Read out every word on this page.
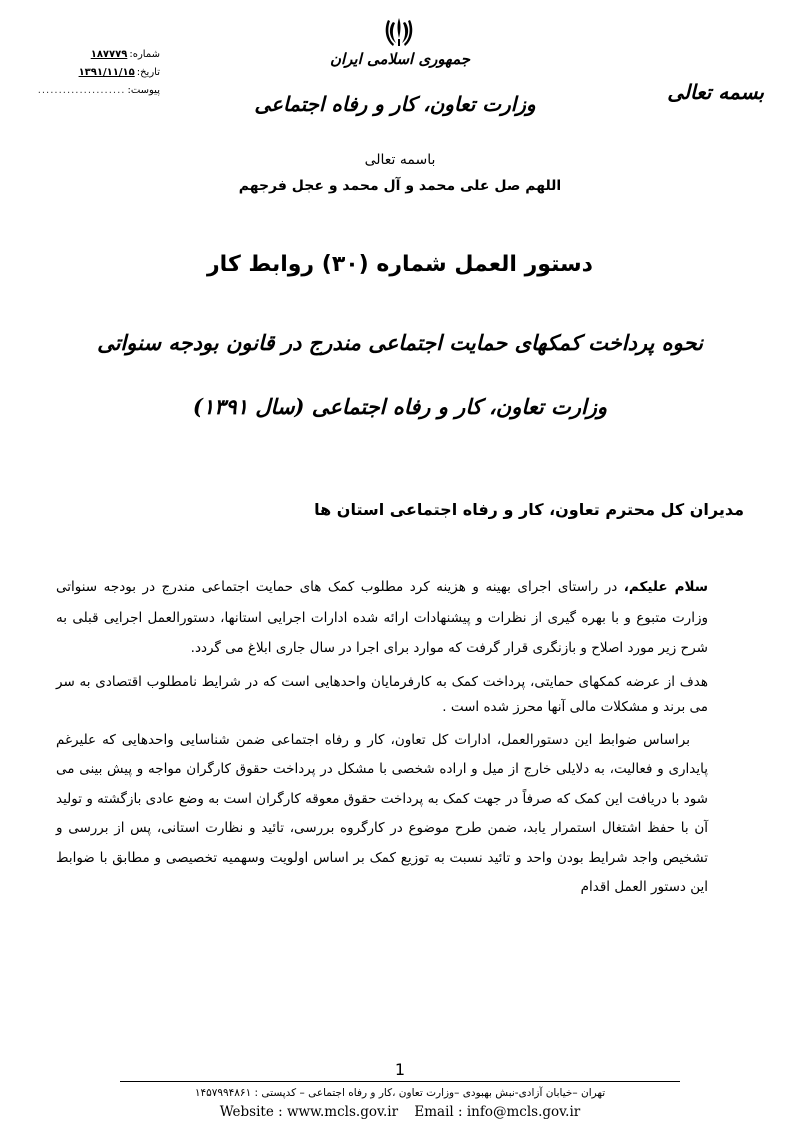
شماره:
۱۸۷۷۷۹
تاریخ:
۱۳۹۱/۱۱/۱۵
پیوست:
.....................
جمهوری اسلامی ایران
وزارت تعاون، کار و رفاه اجتماعی	بسمه تعالی
باسمه تعالی
اللهم صل علی محمد و آل محمد و عجل فرجهم
دستور العمل شماره (۳۰) روابط کار
نحوه پرداخت کمکهای حمایت اجتماعی مندرج در قانون بودجه سنواتی
وزارت تعاون، کار و رفاه اجتماعی (سال ۱۳۹۱)
مدیران کل محترم تعاون، کار و رفاه اجتماعی استان ها

سلام علیکم، در راستای اجرای بهینه و هزینه کرد مطلوب کمک های حمایت اجتماعی مندرج در بودجه سنواتی وزارت متبوع و با بهره گیری از نظرات و پیشنهادات ارائه شده ادارات اجرایی استانها، دستورالعمل اجرایی قبلی به شرح زیر مورد اصلاح و بازنگری قرار گرفت که موارد برای اجرا در سال جاری ابلاغ می گردد.

هدف از عرضه کمکهای حمایتی، پرداخت کمک به کارفرمایان واحدهایی است که در شرایط نامطلوب اقتصادی به سر می برند و مشکلات مالی آنها محرز شده است .

براساس ضوابط این دستورالعمل، ادارات کل تعاون، کار و رفاه اجتماعی ضمن شناسایی واحدهایی که علیرغم پایداری و فعالیت، به دلایلی خارج از میل و اراده شخصی با مشکل در پرداخت حقوق کارگران مواجه و پیش بینی می شود با دریافت این کمک که صرفاً در جهت کمک به پرداخت حقوق معوقه کارگران است به وضع عادی بازگشته و تولید آن با حفظ اشتغال استمرار یابد، ضمن طرح موضوع در کارگروه بررسی، تائید و نظارت استانی، پس از بررسی و تشخیص واجد شرایط بودن واحد و تائید نسبت به توزیع کمک بر اساس اولویت وسهمیه تخصیصی و مطابق با ضوابط این دستور العمل اقدام

1
تهران –خیابان آزادی-نبش بهبودی –وزارت تعاون ،کار و رفاه اجتماعی – کدپستی : ۱۴۵۷۹۹۴۸۶۱
Website : www.mcls.gov.ir Email : info@mcls.gov.ir
